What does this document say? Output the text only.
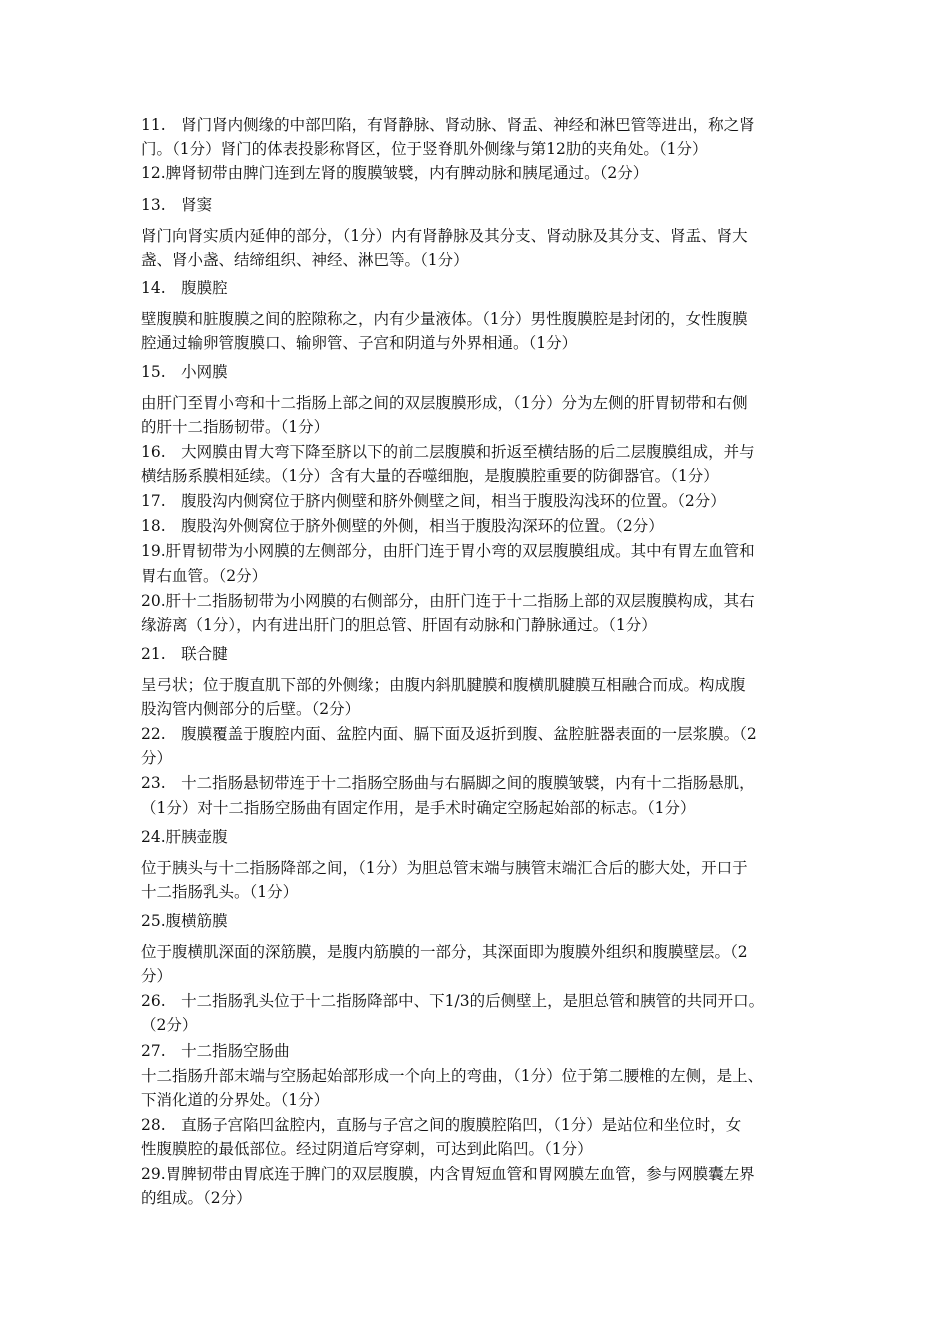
11.　肾门肾内侧缘的中部凹陷，有肾静脉、肾动脉、肾盂、神经和淋巴管等进出，称之肾
门。（1分）肾门的体表投影称肾区，位于竖脊肌外侧缘与第12肋的夹角处。（1分）
12.脾肾韧带由脾门连到左肾的腹膜皱襞，内有脾动脉和胰尾通过。（2分）
13.　肾窦
肾门向肾实质内延伸的部分，（1分）内有肾静脉及其分支、肾动脉及其分支、肾盂、肾大
盏、肾小盏、结缔组织、神经、淋巴等。（1分）
14.　腹膜腔
壁腹膜和脏腹膜之间的腔隙称之，内有少量液体。（1分）男性腹膜腔是封闭的，女性腹膜
腔通过输卵管腹膜口、输卵管、子宫和阴道与外界相通。（1分）
15.　小网膜
由肝门至胃小弯和十二指肠上部之间的双层腹膜形成，（1分）分为左侧的肝胃韧带和右侧
的肝十二指肠韧带。（1分）
16.　大网膜由胃大弯下降至脐以下的前二层腹膜和折返至横结肠的后二层腹膜组成，并与
横结肠系膜相延续。（1分）含有大量的吞噬细胞，是腹膜腔重要的防御器官。（1分）
17.　腹股沟内侧窝位于脐内侧壁和脐外侧壁之间，相当于腹股沟浅环的位置。（2分）
18.　腹股沟外侧窝位于脐外侧壁的外侧，相当于腹股沟深环的位置。（2分）
19.肝胃韧带为小网膜的左侧部分，由肝门连于胃小弯的双层腹膜组成。其中有胃左血管和
胃右血管。（2分）
20.肝十二指肠韧带为小网膜的右侧部分，由肝门连于十二指肠上部的双层腹膜构成，其右
缘游离（1分），内有进出肝门的胆总管、肝固有动脉和门静脉通过。（1分）
21.　联合腱
呈弓状；位于腹直肌下部的外侧缘；由腹内斜肌腱膜和腹横肌腱膜互相融合而成。构成腹
股沟管内侧部分的后壁。（2分）
22.　腹膜覆盖于腹腔内面、盆腔内面、膈下面及返折到腹、盆腔脏器表面的一层浆膜。（2
分）
23.　十二指肠悬韧带连于十二指肠空肠曲与右膈脚之间的腹膜皱襞，内有十二指肠悬肌，
（1分）对十二指肠空肠曲有固定作用，是手术时确定空肠起始部的标志。（1分）
24.肝胰壶腹
位于胰头与十二指肠降部之间，（1分）为胆总管末端与胰管末端汇合后的膨大处，开口于
十二指肠乳头。（1分）
25.腹横筋膜
位于腹横肌深面的深筋膜，是腹内筋膜的一部分，其深面即为腹膜外组织和腹膜壁层。（2
分）
26.　十二指肠乳头位于十二指肠降部中、下1/3的后侧壁上，是胆总管和胰管的共同开口。
（2分）
27.　十二指肠空肠曲
十二指肠升部末端与空肠起始部形成一个向上的弯曲，（1分）位于第二腰椎的左侧，是上、
下消化道的分界处。（1分）
28.　直肠子宫陷凹盆腔内，直肠与子宫之间的腹膜腔陷凹，（1分）是站位和坐位时，女
性腹膜腔的最低部位。经过阴道后穹穿刺，可达到此陷凹。（1分）
29.胃脾韧带由胃底连于脾门的双层腹膜，内含胃短血管和胃网膜左血管，参与网膜囊左界
的组成。（2分）
